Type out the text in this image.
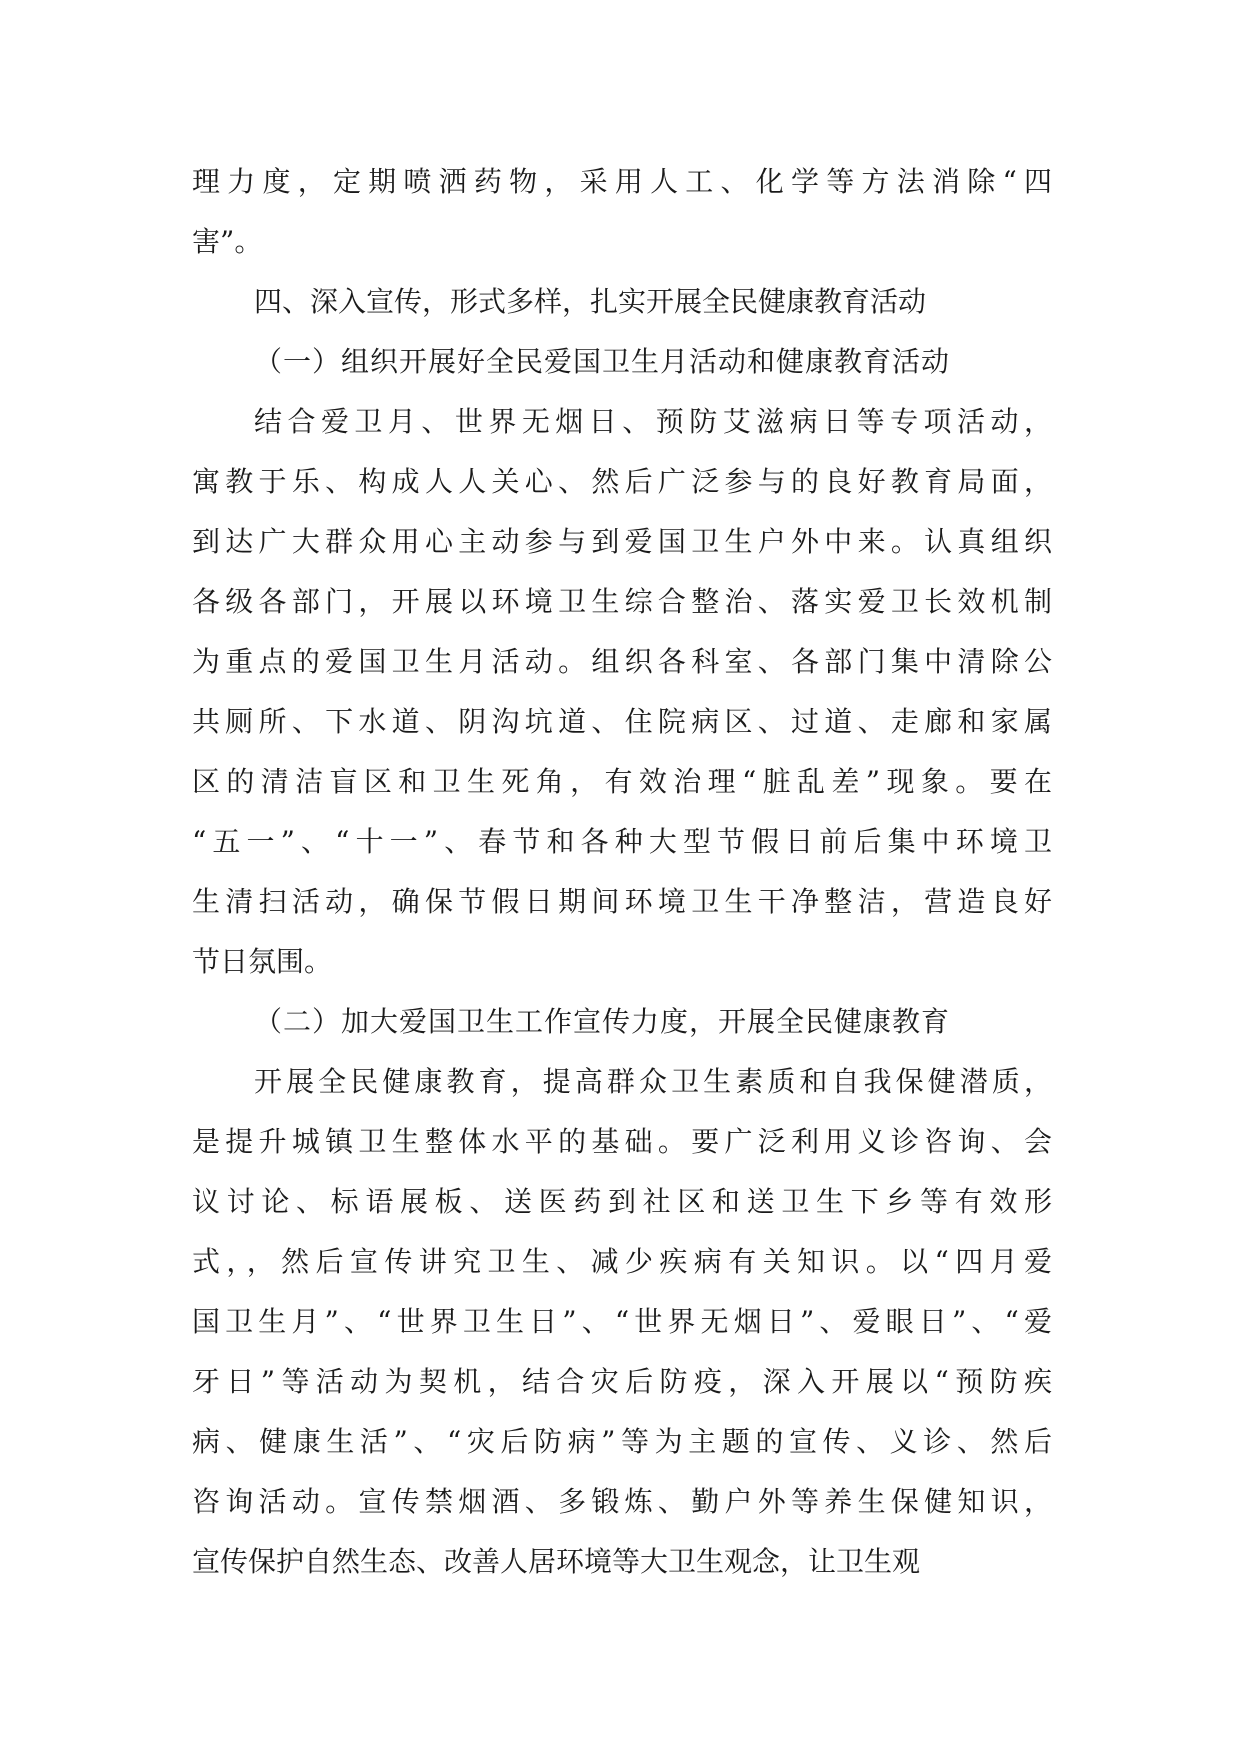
理力度，定期喷洒药物，采用人工、化学等方法消除“四
害”。
四、深入宣传，形式多样，扎实开展全民健康教育活动
（一）组织开展好全民爱国卫生月活动和健康教育活动
结合爱卫月、世界无烟日、预防艾滋病日等专项活动，
寓教于乐、构成人人关心、然后广泛参与的良好教育局面，
到达广大群众用心主动参与到爱国卫生户外中来。认真组织
各级各部门，开展以环境卫生综合整治、落实爱卫长效机制
为重点的爱国卫生月活动。组织各科室、各部门集中清除公
共厕所、下水道、阴沟坑道、住院病区、过道、走廊和家属
区的清洁盲区和卫生死角，有效治理“脏乱差”现象。要在
“五一”、“十一”、春节和各种大型节假日前后集中环境卫
生清扫活动，确保节假日期间环境卫生干净整洁，营造良好
节日氛围。
（二）加大爱国卫生工作宣传力度，开展全民健康教育
开展全民健康教育，提高群众卫生素质和自我保健潜质，
是提升城镇卫生整体水平的基础。要广泛利用义诊咨询、会
议讨论、标语展板、送医药到社区和送卫生下乡等有效形
式，，然后宣传讲究卫生、减少疾病有关知识。以“四月爱
国卫生月”、“世界卫生日”、“世界无烟日”、爱眼日”、“爱
牙日”等活动为契机，结合灾后防疫，深入开展以“预防疾
病、健康生活”、“灾后防病”等为主题的宣传、义诊、然后
咨询活动。宣传禁烟酒、多锻炼、勤户外等养生保健知识，
宣传保护自然生态、改善人居环境等大卫生观念，让卫生观
